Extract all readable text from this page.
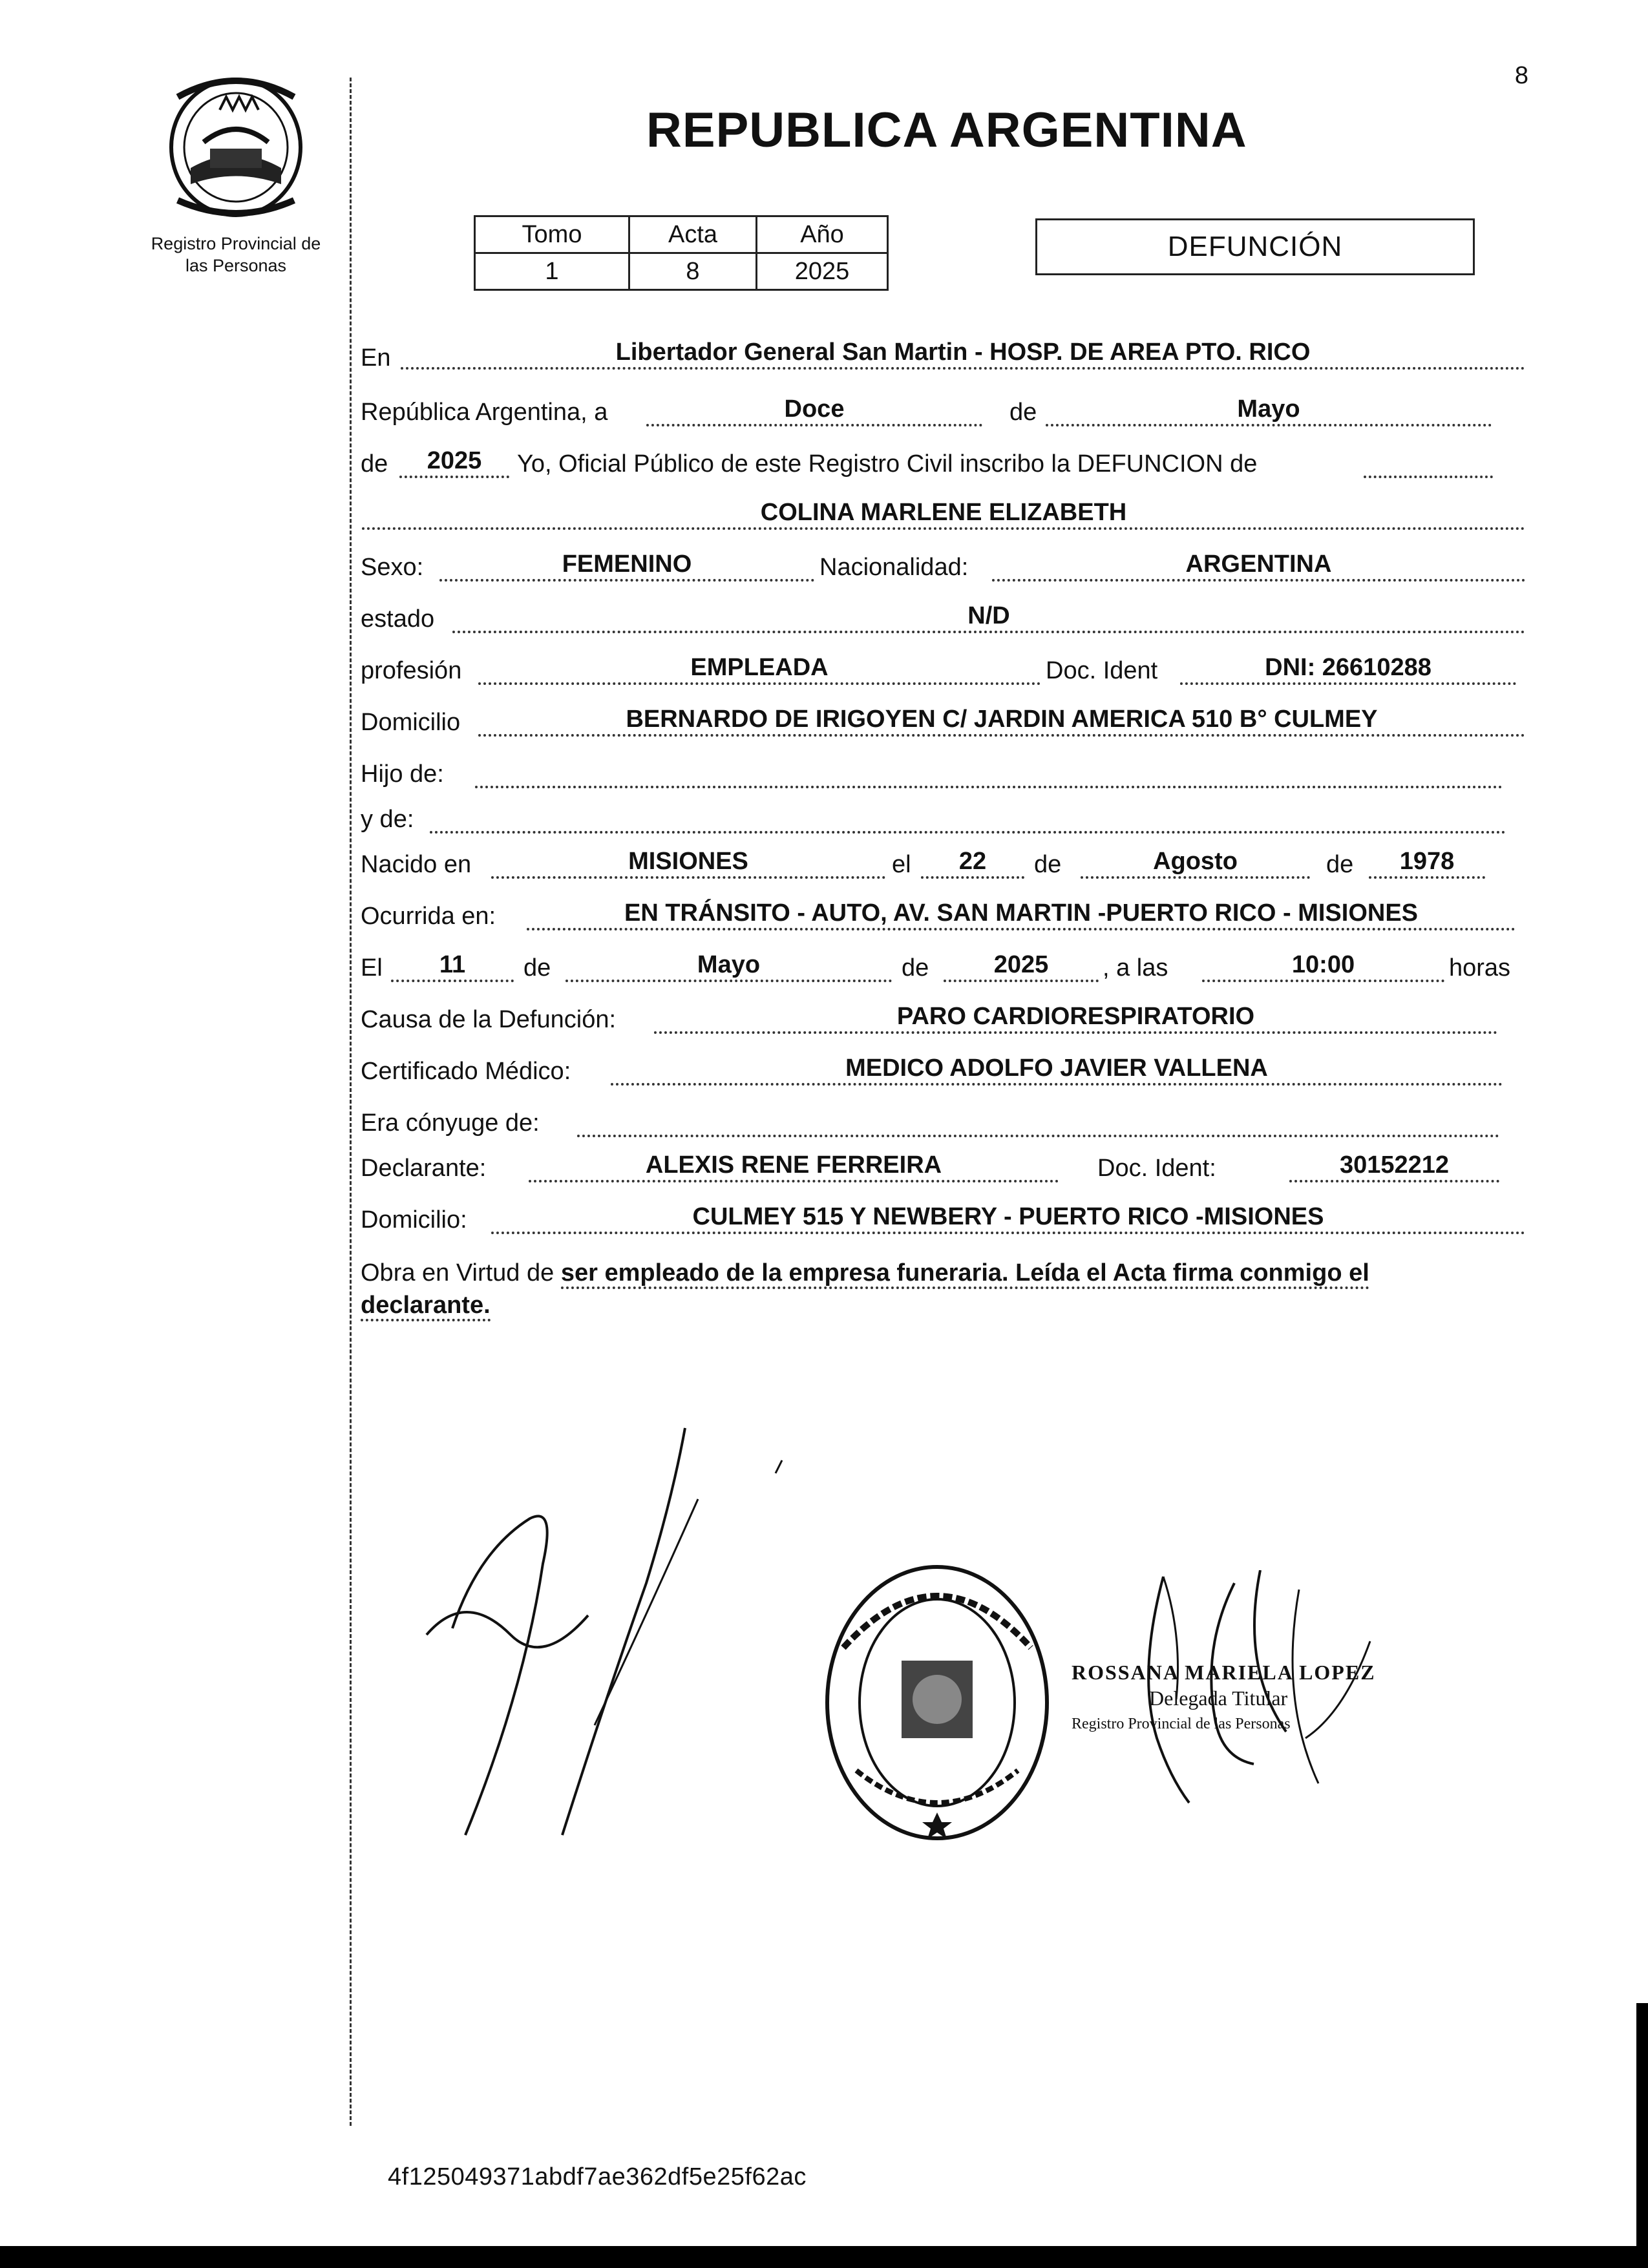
8
Registro Provincial de
las Personas
REPUBLICA ARGENTINA
Tomo	Acta	Año
1	8	2025
DEFUNCIÓN
En	Libertador General San Martin - HOSP. DE AREA PTO. RICO
República Argentina, a	Doce	de	Mayo
de	2025	Yo, Oficial Público de este Registro Civil inscribo la DEFUNCION de
COLINA MARLENE ELIZABETH
Sexo:	FEMENINO	Nacionalidad:	ARGENTINA
estado	N/D
profesión	EMPLEADA	Doc. Ident	DNI: 26610288
Domicilio	BERNARDO DE IRIGOYEN C/ JARDIN AMERICA 510 B° CULMEY
Hijo de:
y de:
Nacido en	MISIONES	el	22	de	Agosto	de	1978
Ocurrida en:	EN TRÁNSITO - AUTO, AV. SAN MARTIN -PUERTO RICO - MISIONES
El	11	de	Mayo	de	2025	, a las	10:00	horas
Causa de la Defunción:	PARO CARDIORESPIRATORIO
Certificado Médico:	MEDICO ADOLFO JAVIER VALLENA
Era cónyuge de:
Declarante:	ALEXIS RENE FERREIRA	Doc. Ident:	30152212
Domicilio:	CULMEY 515 Y NEWBERY - PUERTO RICO -MISIONES
Obra en Virtud de ser empleado de la empresa funeraria. Leída el Acta firma conmigo el
declarante.
ROSSANA MARIELA LOPEZ
Delegada Titular
Registro Provincial de las Personas
4f125049371abdf7ae362df5e25f62ac
